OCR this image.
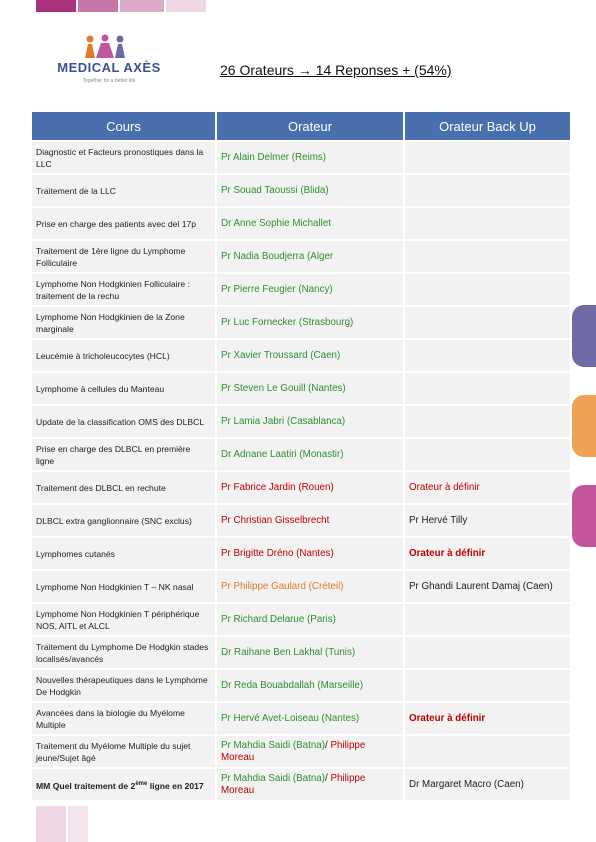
MEDICAL AXÈS
Together for a better life
26 Orateurs → 14 Reponses + (54%)
Cours	Orateur	Orateur Back Up
Diagnostic et Facteurs pronostiques dans la LLC	Pr Alain Delmer (Reims)	
Traitement de la LLC	Pr Souad Taoussi (Blida)	
Prise en charge des patients avec del 17p	Dr Anne Sophie Michallet	
Traitement de 1ère ligne du Lymphome Folliculaire	Pr Nadia Boudjerra (Alger	
Lymphome Non Hodgkinien Folliculaire : traitement de la rechu	Pr Pierre Feugier (Nancy)	
Lymphome Non Hodgkinien de la Zone marginale	Pr Luc Fornecker (Strasbourg)	
Leucémie à tricholeucocytes (HCL)	Pr Xavier Troussard (Caen)	
Lymphome à cellules du Manteau	Pr Steven Le Gouill (Nantes)	
Update de la classification OMS des DLBCL	Pr Lamia Jabri (Casablanca)	
Prise en charge des DLBCL en première ligne	Dr Adnane Laatiri (Monastir)	
Traitement des DLBCL en rechute	Pr Fabrice Jardin (Rouen)	Orateur à définir
DLBCL extra ganglionnaire (SNC exclus)	Pr Christian Gisselbrecht	Pr Hervé Tilly
Lymphomes cutanés	Pr Brigitte Dréno (Nantes)	Orateur à définir
Lymphome Non Hodgkinien T – NK nasal	Pr Philippe Gaulard (Créteil)	Pr Ghandi Laurent Damaj (Caen)
Lymphome Non Hodgkinien T périphérique NOS, AITL et ALCL	Pr Richard Delarue (Paris)	
Traitement du Lymphome De Hodgkin stades localisés/avancés	Dr Raihane Ben Lakhal (Tunis)	
Nouvelles thérapeutiques dans le Lymphome De Hodgkin	Dr Reda Bouabdallah (Marseille)	
Avancées dans la biologie du Myélome Multiple	Pr Hervé Avet-Loiseau (Nantes)	Orateur à définir
Traitement du Myélome Multiple du sujet jeune/Sujet âgé	Pr Mahdia Saidi (Batna)/ Philippe Moreau	
MM Quel traitement de 2ème ligne en 2017	Pr Mahdia Saidi (Batna)/ Philippe Moreau	Dr Margaret Macro (Caen)
